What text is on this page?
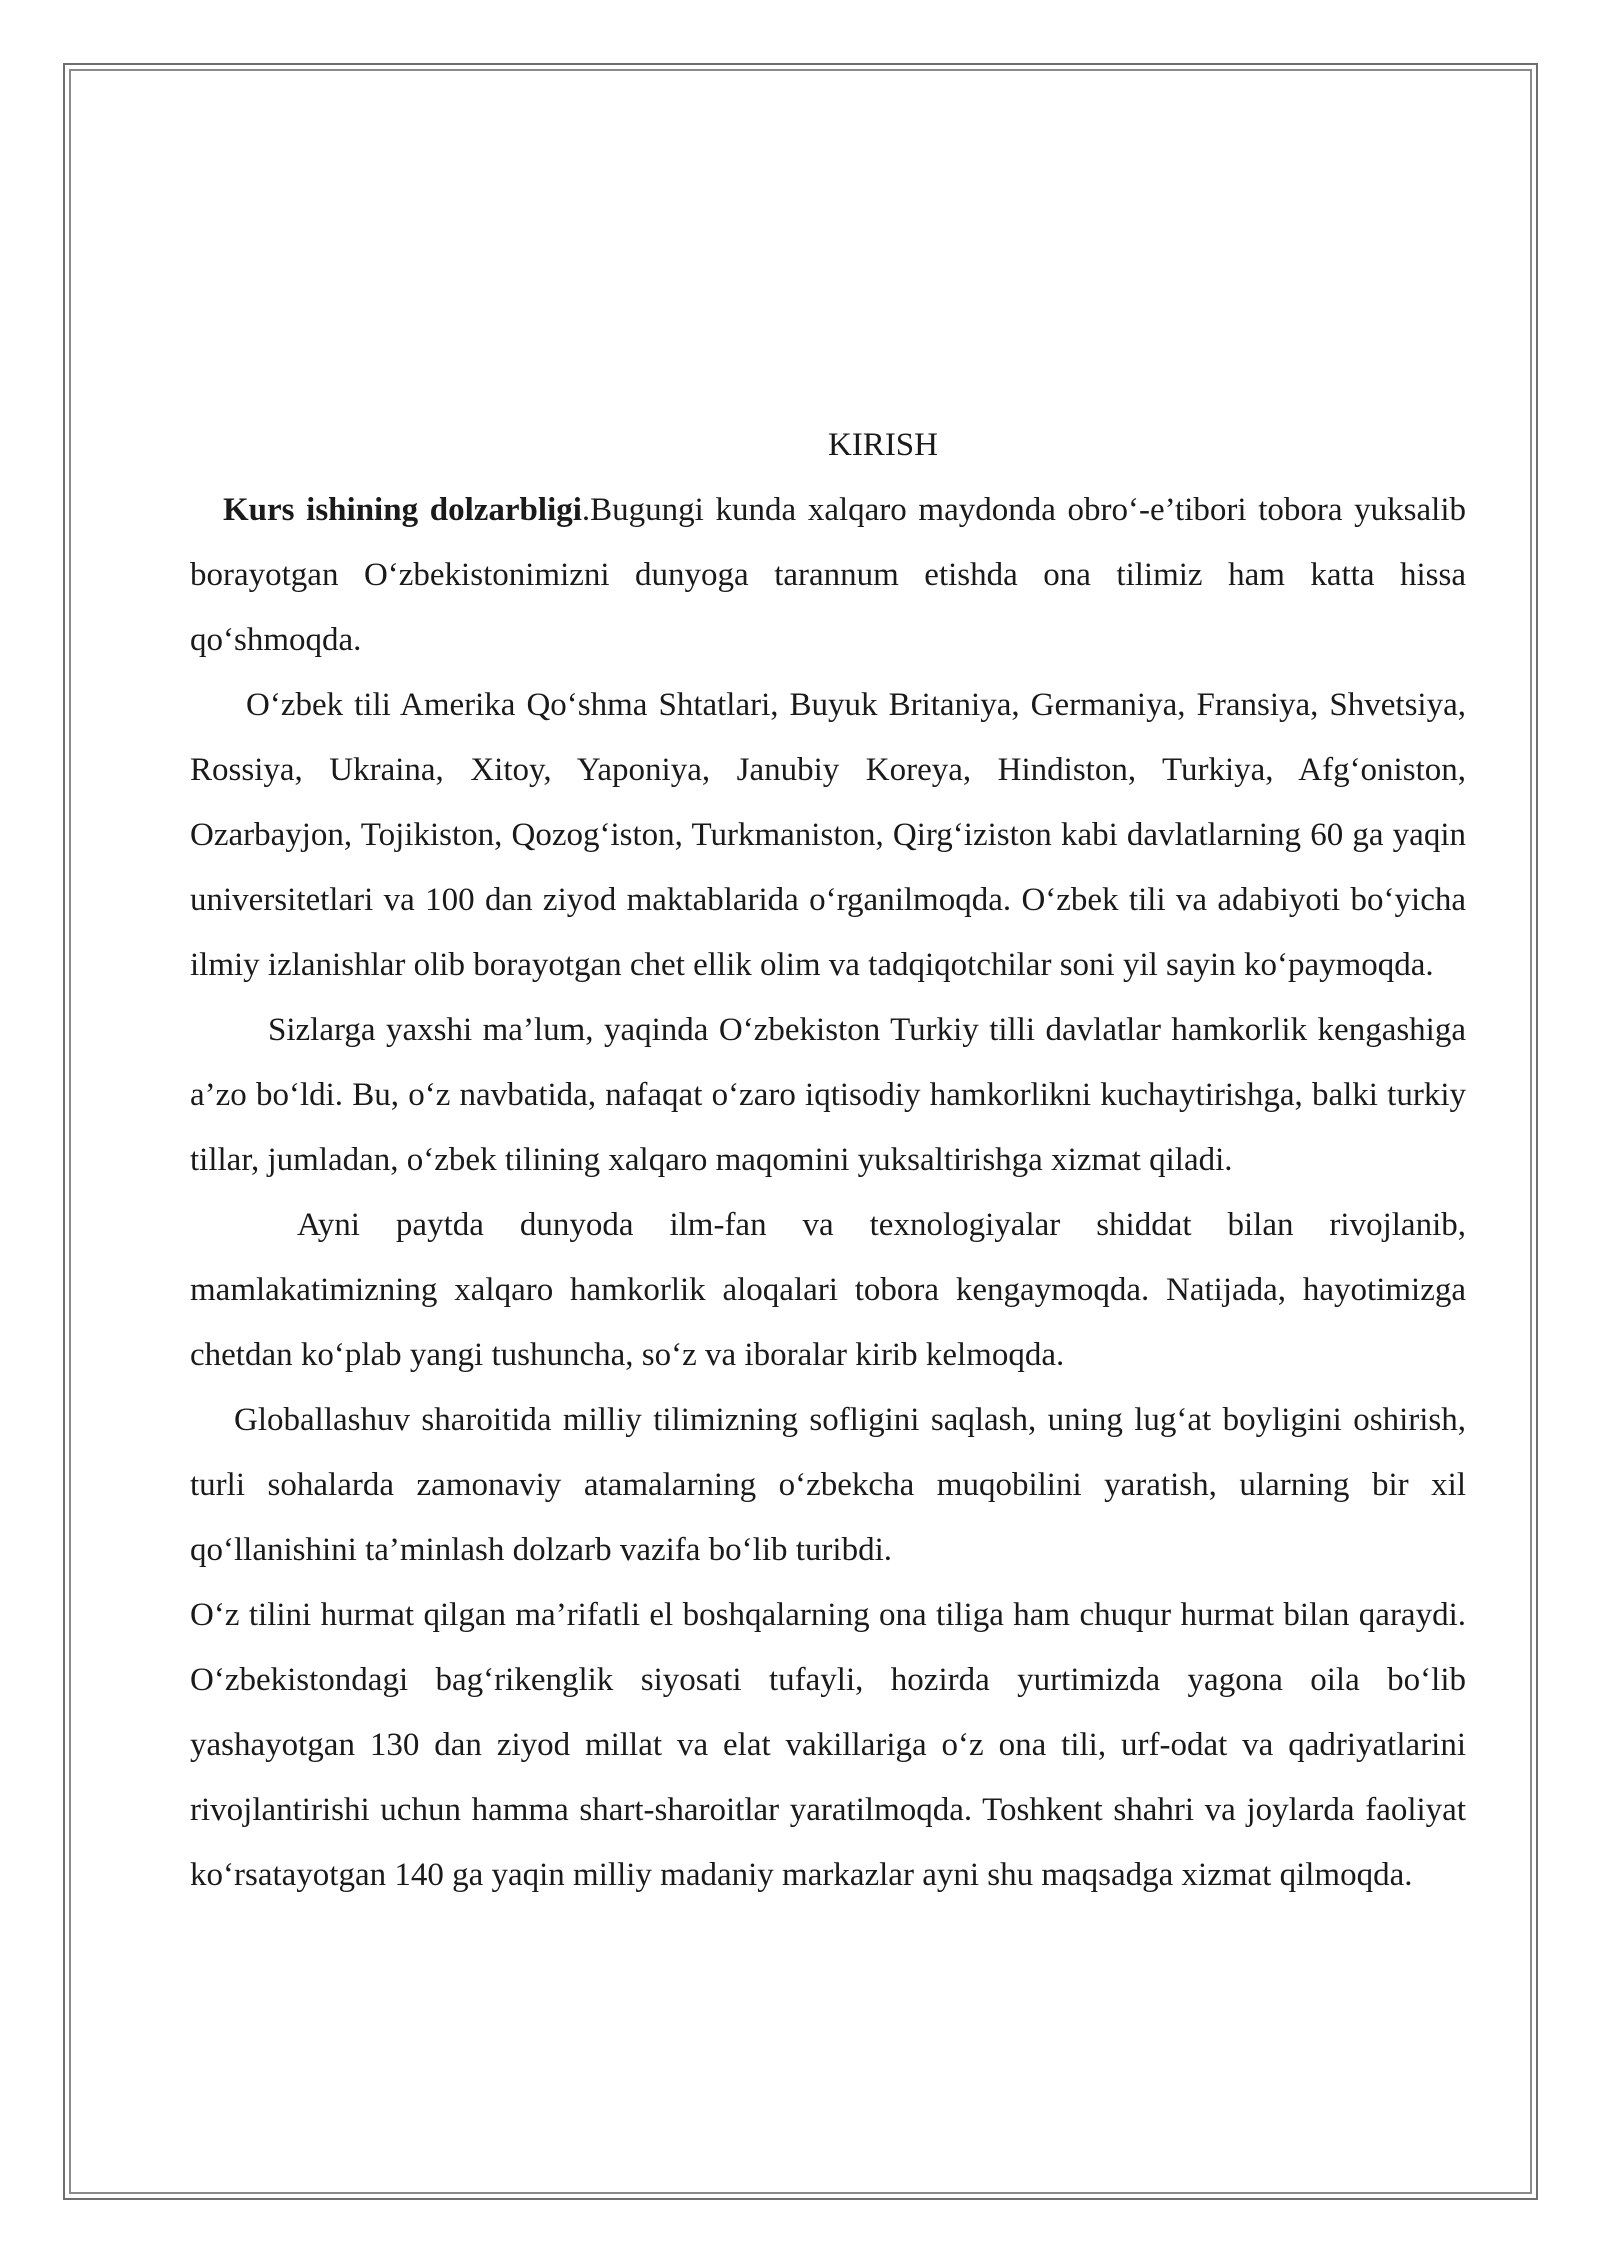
KIRISH

Kurs ishining dolzarbligi.Bugungi kunda xalqaro maydonda obro‘-e’tibori tobora yuksalib borayotgan O‘zbekistonimizni dunyoga tarannum etishda ona tilimiz ham katta hissa qo‘shmoqda.

O‘zbek tili Amerika Qo‘shma Shtatlari, Buyuk Britaniya, Germaniya, Fransiya, Shvetsiya, Rossiya, Ukraina, Xitoy, Yaponiya, Janubiy Koreya, Hindiston, Turkiya, Afg‘oniston, Ozarbayjon, Tojikiston, Qozog‘iston, Turkmaniston, Qirg‘iziston kabi davlatlarning 60 ga yaqin universitetlari va 100 dan ziyod maktablarida o‘rganilmoqda. O‘zbek tili va adabiyoti bo‘yicha ilmiy izlanishlar olib borayotgan chet ellik olim va tadqiqotchilar soni yil sayin ko‘paymoqda.

Sizlarga yaxshi ma’lum, yaqinda O‘zbekiston Turkiy tilli davlatlar hamkorlik kengashiga a’zo bo‘ldi. Bu, o‘z navbatida, nafaqat o‘zaro iqtisodiy hamkorlikni kuchaytirishga, balki turkiy tillar, jumladan, o‘zbek tilining xalqaro maqomini yuksaltirishga xizmat qiladi.

Ayni paytda dunyoda ilm-fan va texnologiyalar shiddat bilan rivojlanib, mamlakatimizning xalqaro hamkorlik aloqalari tobora kengaymoqda. Natijada, hayotimizga chetdan ko‘plab yangi tushuncha, so‘z va iboralar kirib kelmoqda.

Globallashuv sharoitida milliy tilimizning sofligini saqlash, uning lug‘at boyligini oshirish, turli sohalarda zamonaviy atamalarning o‘zbekcha muqobilini yaratish, ularning bir xil qo‘llanishini ta’minlash dolzarb vazifa bo‘lib turibdi.

O‘z tilini hurmat qilgan ma’rifatli el boshqalarning ona tiliga ham chuqur hurmat bilan qaraydi. O‘zbekistondagi bag‘rikenglik siyosati tufayli, hozirda yurtimizda yagona oila bo‘lib yashayotgan 130 dan ziyod millat va elat vakillariga o‘z ona tili, urf-odat va qadriyatlarini rivojlantirishi uchun hamma shart-sharoitlar yaratilmoqda. Toshkent shahri va joylarda faoliyat ko‘rsatayotgan 140 ga yaqin milliy madaniy markazlar ayni shu maqsadga xizmat qilmoqda.
